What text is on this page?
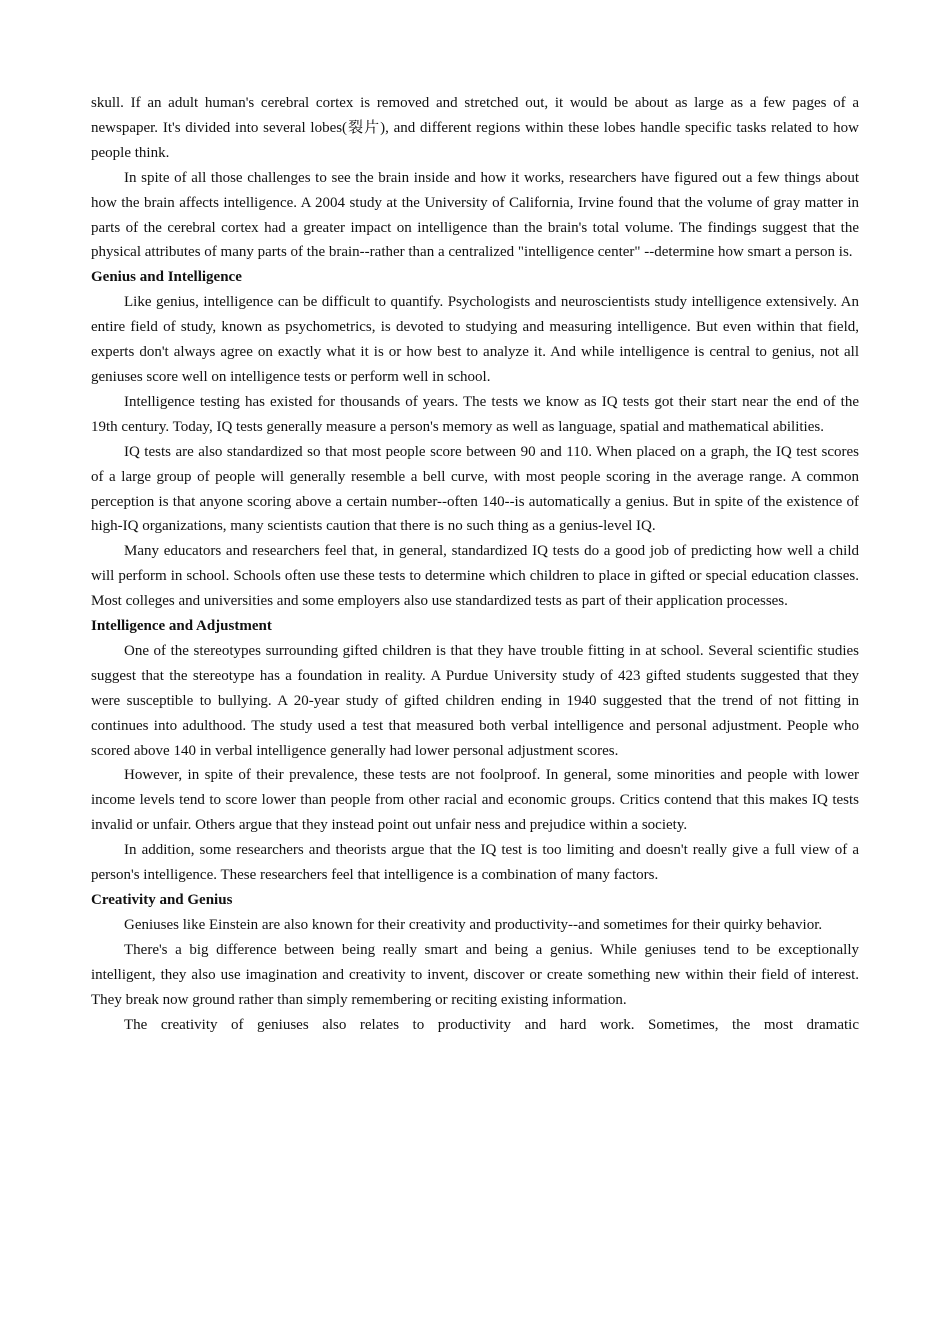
skull. If an adult human's cerebral cortex is removed and stretched out, it would be about as large as a few pages of a newspaper. It's divided into several lobes(裂片), and different regions within these lobes handle specific tasks related to how people think.

In spite of all those challenges to see the brain inside and how it works, researchers have figured out a few things about how the brain affects intelligence. A 2004 study at the University of California, Irvine found that the volume of gray matter in parts of the cerebral cortex had a greater impact on intelligence than the brain's total volume. The findings suggest that the physical attributes of many parts of the brain--rather than a centralized "intelligence center" --determine how smart a person is.

Genius and Intelligence

Like genius, intelligence can be difficult to quantify. Psychologists and neuroscientists study intelligence extensively. An entire field of study, known as psychometrics, is devoted to studying and measuring intelligence. But even within that field, experts don't always agree on exactly what it is or how best to analyze it. And while intelligence is central to genius, not all geniuses score well on intelligence tests or perform well in school.

Intelligence testing has existed for thousands of years. The tests we know as IQ tests got their start near the end of the 19th century. Today, IQ tests generally measure a person's memory as well as language, spatial and mathematical abilities.

IQ tests are also standardized so that most people score between 90 and 110. When placed on a graph, the IQ test scores of a large group of people will generally resemble a bell curve, with most people scoring in the average range. A common perception is that anyone scoring above a certain number--often 140--is automatically a genius. But in spite of the existence of high-IQ organizations, many scientists caution that there is no such thing as a genius-level IQ.

Many educators and researchers feel that, in general, standardized IQ tests do a good job of predicting how well a child will perform in school. Schools often use these tests to determine which children to place in gifted or special education classes. Most colleges and universities and some employers also use standardized tests as part of their application processes.

Intelligence and Adjustment

One of the stereotypes surrounding gifted children is that they have trouble fitting in at school. Several scientific studies suggest that the stereotype has a foundation in reality. A Purdue University study of 423 gifted students suggested that they were susceptible to bullying. A 20-year study of gifted children ending in 1940 suggested that the trend of not fitting in continues into adulthood. The study used a test that measured both verbal intelligence and personal adjustment. People who scored above 140 in verbal intelligence generally had lower personal adjustment scores.

However, in spite of their prevalence, these tests are not foolproof. In general, some minorities and people with lower income levels tend to score lower than people from other racial and economic groups. Critics contend that this makes IQ tests invalid or unfair. Others argue that they instead point out unfair ness and prejudice within a society.

In addition, some researchers and theorists argue that the IQ test is too limiting and doesn't really give a full view of a person's intelligence. These researchers feel that intelligence is a combination of many factors.

Creativity and Genius

Geniuses like Einstein are also known for their creativity and productivity--and sometimes for their quirky behavior.

There's a big difference between being really smart and being a genius. While geniuses tend to be exceptionally intelligent, they also use imagination and creativity to invent, discover or create something new within their field of interest. They break now ground rather than simply remembering or reciting existing information.

The creativity of geniuses also relates to productivity and hard work. Sometimes, the most dramatic
